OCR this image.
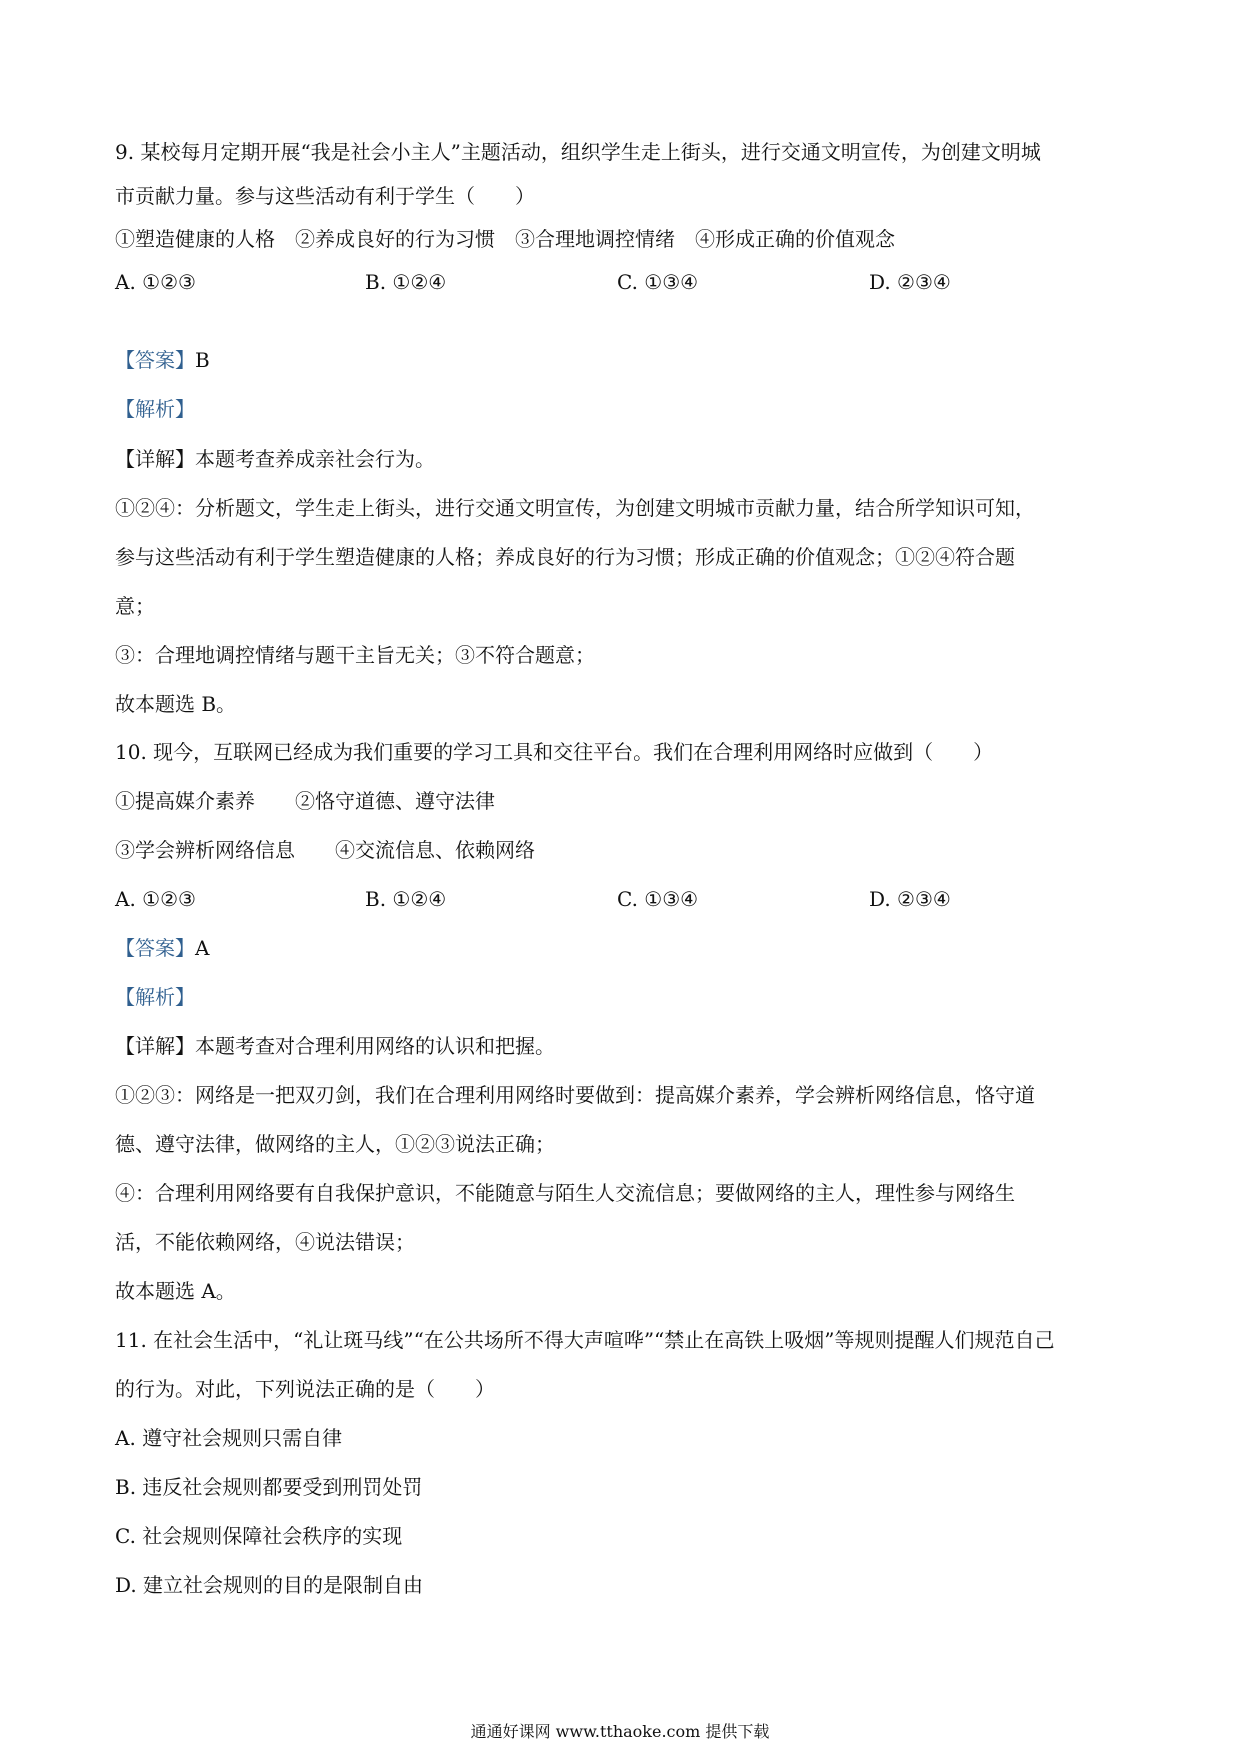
9. 某校每月定期开展“我是社会小主人”主题活动，组织学生走上街头，进行交通文明宣传，为创建文明城
市贡献力量。参与这些活动有利于学生（　　）
①塑造健康的人格　②养成良好的行为习惯　③合理地调控情绪　④形成正确的价值观念
A. ①②③	B. ①②④	C. ①③④	D. ②③④
【答案】B
【解析】
【详解】本题考查养成亲社会行为。
①②④：分析题文，学生走上街头，进行交通文明宣传，为创建文明城市贡献力量，结合所学知识可知，
参与这些活动有利于学生塑造健康的人格；养成良好的行为习惯；形成正确的价值观念；①②④符合题
意；
③：合理地调控情绪与题干主旨无关；③不符合题意；
故本题选 B。
10. 现今，互联网已经成为我们重要的学习工具和交往平台。我们在合理利用网络时应做到（　　）
①提高媒介素养　　②恪守道德、遵守法律
③学会辨析网络信息　　④交流信息、依赖网络
A. ①②③	B. ①②④	C. ①③④	D. ②③④
【答案】A
【解析】
【详解】本题考查对合理利用网络的认识和把握。
①②③：网络是一把双刃剑，我们在合理利用网络时要做到：提高媒介素养，学会辨析网络信息，恪守道
德、遵守法律，做网络的主人，①②③说法正确；
④：合理利用网络要有自我保护意识，不能随意与陌生人交流信息；要做网络的主人，理性参与网络生
活，不能依赖网络，④说法错误；
故本题选 A。
11. 在社会生活中，“礼让斑马线”“在公共场所不得大声喧哗”“禁止在高铁上吸烟”等规则提醒人们规范自己
的行为。对此，下列说法正确的是（　　）
A. 遵守社会规则只需自律
B. 违反社会规则都要受到刑罚处罚
C. 社会规则保障社会秩序的实现
D. 建立社会规则的目的是限制自由
通通好课网 www.tthaoke.com 提供下载
